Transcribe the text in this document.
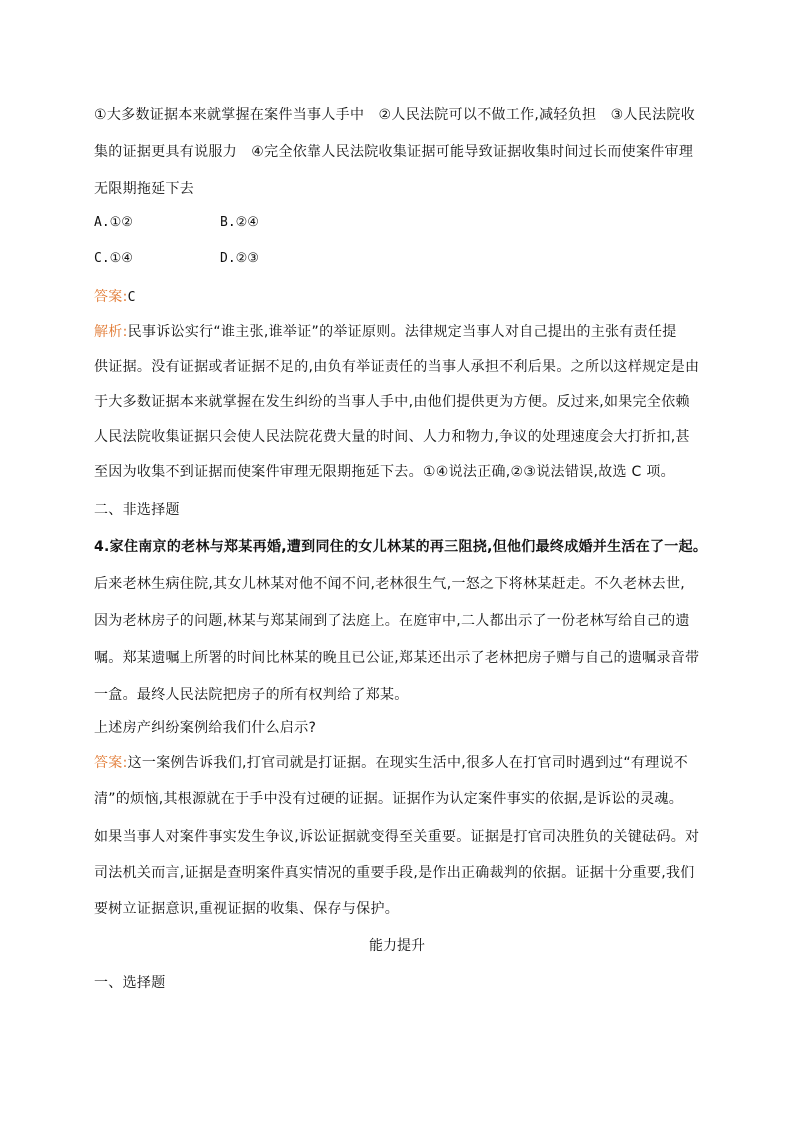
①大多数证据本来就掌握在案件当事人手中　②人民法院可以不做工作,减轻负担　③人民法院收
集的证据更具有说服力　④完全依靠人民法院收集证据可能导致证据收集时间过长而使案件审理
无限期拖延下去
A.①②	B.②④
C.①④	D.②③
答案:C
解析:民事诉讼实行“谁主张,谁举证”的举证原则。法律规定当事人对自己提出的主张有责任提
供证据。没有证据或者证据不足的,由负有举证责任的当事人承担不利后果。之所以这样规定是由
于大多数证据本来就掌握在发生纠纷的当事人手中,由他们提供更为方便。反过来,如果完全依赖
人民法院收集证据只会使人民法院花费大量的时间、人力和物力,争议的处理速度会大打折扣,甚
至因为收集不到证据而使案件审理无限期拖延下去。①④说法正确,②③说法错误,故选 C 项。
二、非选择题
4.家住南京的老林与郑某再婚,遭到同住的女儿林某的再三阻挠,但他们最终成婚并生活在了一起。
后来老林生病住院,其女儿林某对他不闻不问,老林很生气,一怒之下将林某赶走。不久老林去世,
因为老林房子的问题,林某与郑某闹到了法庭上。在庭审中,二人都出示了一份老林写给自己的遗
嘱。郑某遗嘱上所署的时间比林某的晚且已公证,郑某还出示了老林把房子赠与自己的遗嘱录音带
一盒。最终人民法院把房子的所有权判给了郑某。
上述房产纠纷案例给我们什么启示?
答案:这一案例告诉我们,打官司就是打证据。在现实生活中,很多人在打官司时遇到过“有理说不
清”的烦恼,其根源就在于手中没有过硬的证据。证据作为认定案件事实的依据,是诉讼的灵魂。
如果当事人对案件事实发生争议,诉讼证据就变得至关重要。证据是打官司决胜负的关键砝码。对
司法机关而言,证据是查明案件真实情况的重要手段,是作出正确裁判的依据。证据十分重要,我们
要树立证据意识,重视证据的收集、保存与保护。
能力提升
一、选择题
